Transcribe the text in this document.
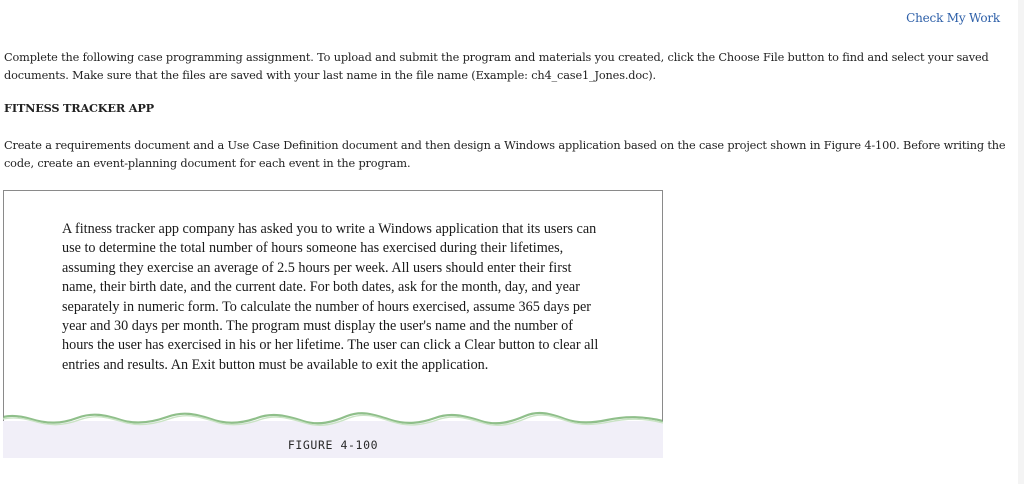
Check My Work

Complete the following case programming assignment. To upload and submit the program and materials you created, click the Choose File button to find and select your saved documents. Make sure that the files are saved with your last name in the file name (Example: ch4_case1_Jones.doc).

FITNESS TRACKER APP

Create a requirements document and a Use Case Definition document and then design a Windows application based on the case project shown in Figure 4-100. Before writing the code, create an event-planning document for each event in the program.

A fitness tracker app company has asked you to write a Windows application that its users can use to determine the total number of hours someone has exercised during their lifetimes, assuming they exercise an average of 2.5 hours per week. All users should enter their first name, their birth date, and the current date. For both dates, ask for the month, day, and year separately in numeric form. To calculate the number of hours exercised, assume 365 days per year and 30 days per month. The program must display the user's name and the number of hours the user has exercised in his or her lifetime. The user can click a Clear button to clear all entries and results. An Exit button must be available to exit the application.

FIGURE 4-100
